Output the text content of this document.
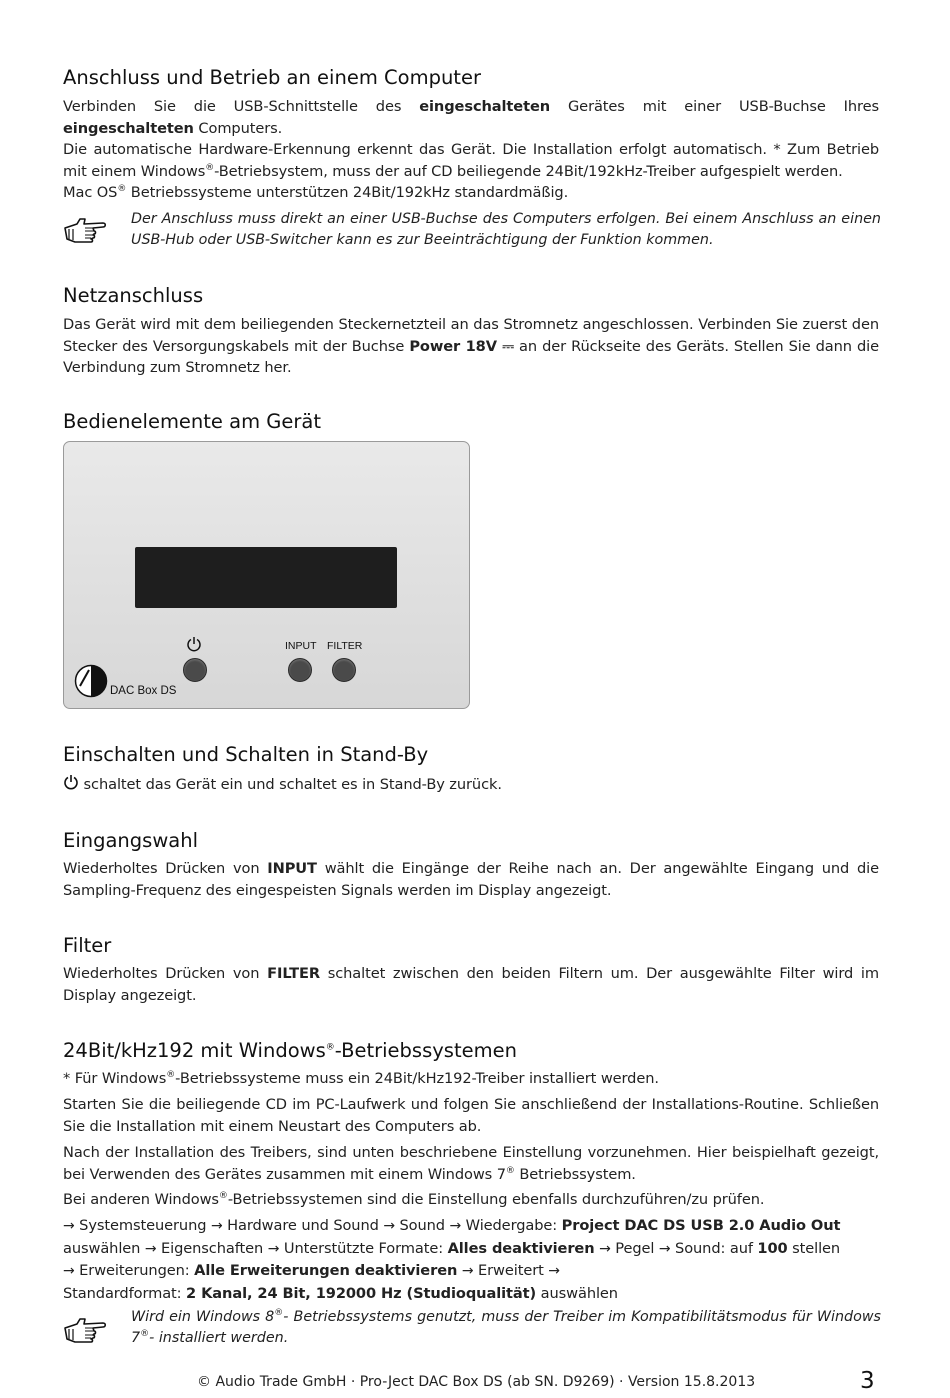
Anschluss und Betrieb an einem Computer

Verbinden Sie die USB-Schnittstelle des eingeschalteten Gerätes mit einer USB-Buchse Ihres eingeschalteten Computers.
Die automatische Hardware-Erkennung erkennt das Gerät. Die Installation erfolgt automatisch. * Zum Betrieb mit einem Windows®-Betriebsystem, muss der auf CD beiliegende 24Bit/192kHz-Treiber aufgespielt werden.
Mac OS® Betriebssysteme unterstützen 24Bit/192kHz standardmäßig.

Der Anschluss muss direkt an einer USB-Buchse des Computers erfolgen. Bei einem Anschluss an einen USB-Hub oder USB-Switcher kann es zur Beeinträchtigung der Funktion kommen.

Netzanschluss

Das Gerät wird mit dem beiliegenden Steckernetzteil an das Stromnetz angeschlossen. Verbinden Sie zuerst den Stecker des Versorgungskabels mit der Buchse Power 18V ⎓ an der Rückseite des Geräts. Stellen Sie dann die Verbindung zum Stromnetz her.

Bedienelemente am Gerät
INPUT FILTER
DAC Box DS
Einschalten und Schalten in Stand-By

schaltet das Gerät ein und schaltet es in Stand-By zurück.

Eingangswahl

Wiederholtes Drücken von INPUT wählt die Eingänge der Reihe nach an. Der angewählte Eingang und die Sampling-Frequenz des eingespeisten Signals werden im Display angezeigt.

Filter

Wiederholtes Drücken von FILTER schaltet zwischen den beiden Filtern um. Der ausgewählte Filter wird im Display angezeigt.

24Bit/kHz192 mit Windows®-Betriebssystemen

* Für Windows®-Betriebssysteme muss ein 24Bit/kHz192-Treiber installiert werden.

Starten Sie die beiliegende CD im PC-Laufwerk und folgen Sie anschließend der Installations-Routine. Schließen Sie die Installation mit einem Neustart des Computers ab.

Nach der Installation des Treibers, sind unten beschriebene Einstellung vorzunehmen. Hier beispielhaft gezeigt, bei Verwenden des Gerätes zusammen mit einem Windows 7® Betriebssystem.

Bei anderen Windows®-Betriebssystemen sind die Einstellung ebenfalls durchzuführen/zu prüfen.

→ Systemsteuerung → Hardware und Sound → Sound → Wiedergabe: Project DAC DS USB 2.0 Audio Out
auswählen → Eigenschaften → Unterstützte Formate: Alles deaktivieren → Pegel → Sound: auf 100 stellen
→ Erweiterungen: Alle Erweiterungen deaktivieren → Erweitert →
Standardformat: 2 Kanal, 24 Bit, 192000 Hz (Studioqualität) auswählen

Wird ein Windows 8®- Betriebssystems genutzt, muss der Treiber im Kompatibilitätsmodus für Windows 7®- installiert werden.

© Audio Trade GmbH · Pro-Ject DAC Box DS (ab SN. D9269) · Version 15.8.2013	3
